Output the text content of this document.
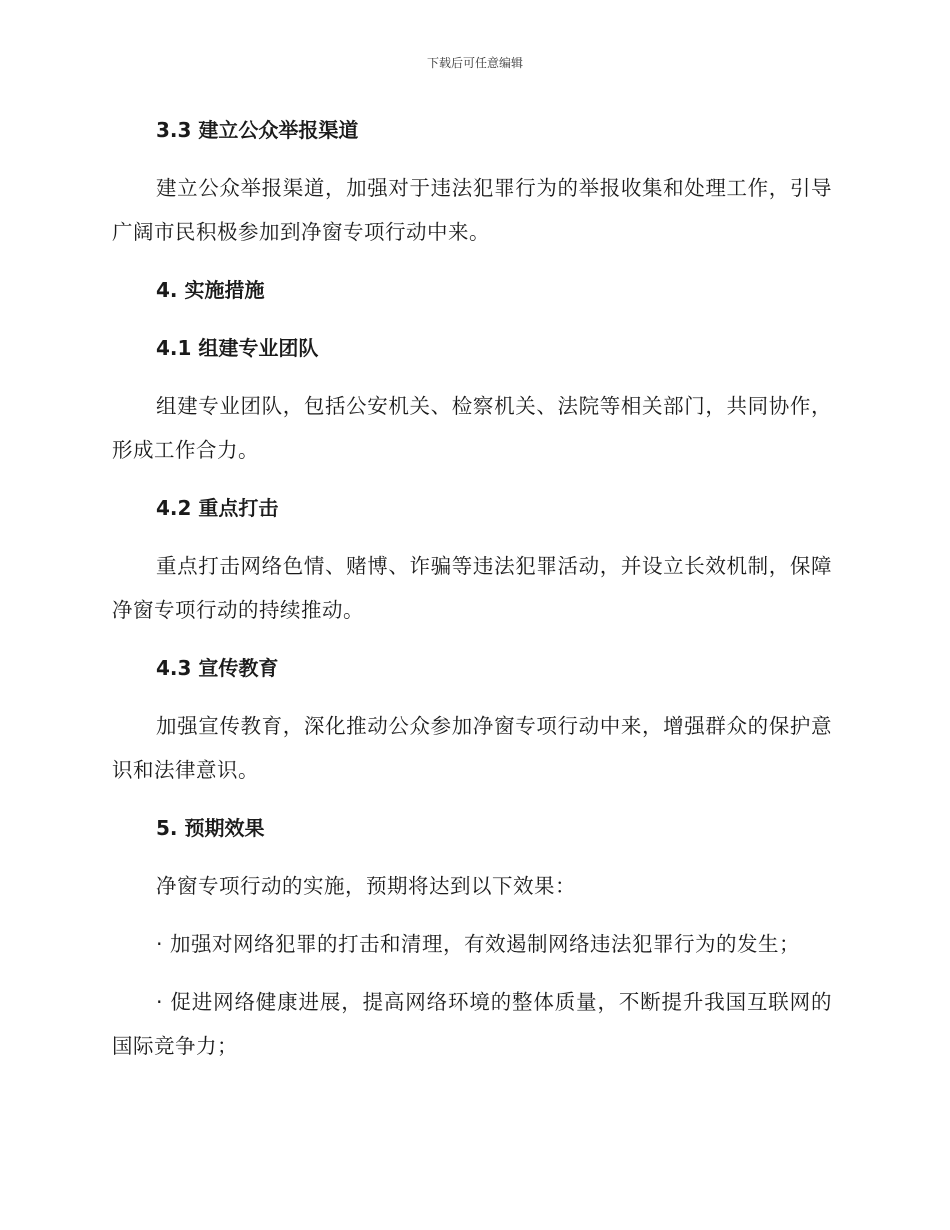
下载后可任意编辑
3.3 建立公众举报渠道
建立公众举报渠道，加强对于违法犯罪行为的举报收集和处理工作，引导广阔市民积极参加到净窗专项行动中来。
4. 实施措施
4.1 组建专业团队
组建专业团队，包括公安机关、检察机关、法院等相关部门，共同协作，形成工作合力。
4.2 重点打击
重点打击网络色情、赌博、诈骗等违法犯罪活动，并设立长效机制，保障净窗专项行动的持续推动。
4.3 宣传教育
加强宣传教育，深化推动公众参加净窗专项行动中来，增强群众的保护意识和法律意识。
5. 预期效果
净窗专项行动的实施，预期将达到以下效果：
· 加强对网络犯罪的打击和清理，有效遏制网络违法犯罪行为的发生；
· 促进网络健康进展，提高网络环境的整体质量，不断提升我国互联网的国际竞争力；
